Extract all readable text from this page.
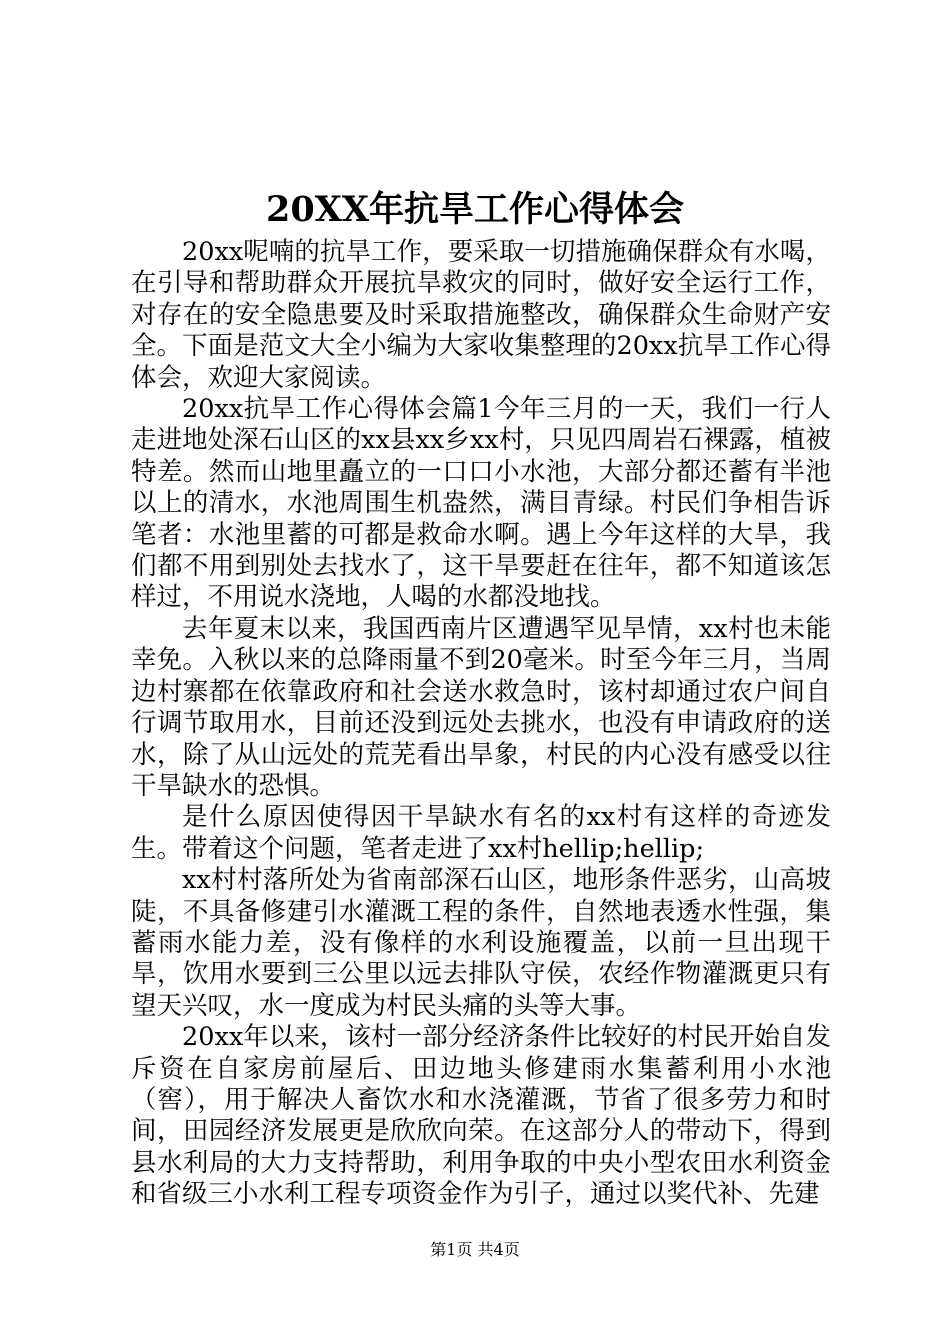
20XX年抗旱工作心得体会

20xx呢喃的抗旱工作，要采取一切措施确保群众有水喝，在引导和帮助群众开展抗旱救灾的同时，做好安全运行工作，对存在的安全隐患要及时采取措施整改，确保群众生命财产安全。下面是范文大全小编为大家收集整理的20xx抗旱工作心得体会，欢迎大家阅读。

20xx抗旱工作心得体会篇1今年三月的一天，我们一行人走进地处深石山区的xx县xx乡xx村，只见四周岩石裸露，植被特差。然而山地里矗立的一口口小水池，大部分都还蓄有半池以上的清水，水池周围生机盎然，满目青绿。村民们争相告诉笔者：水池里蓄的可都是救命水啊。遇上今年这样的大旱，我们都不用到别处去找水了，这干旱要赶在往年，都不知道该怎样过，不用说水浇地，人喝的水都没地找。

去年夏末以来，我国西南片区遭遇罕见旱情，xx村也未能幸免。入秋以来的总降雨量不到20毫米。时至今年三月，当周边村寨都在依靠政府和社会送水救急时，该村却通过农户间自行调节取用水，目前还没到远处去挑水，也没有申请政府的送水，除了从山远处的荒芜看出旱象，村民的内心没有感受以往干旱缺水的恐惧。

是什么原因使得因干旱缺水有名的xx村有这样的奇迹发生。带着这个问题，笔者走进了xx村hellip;hellip;

xx村村落所处为省南部深石山区，地形条件恶劣，山高坡陡，不具备修建引水灌溉工程的条件，自然地表透水性强，集蓄雨水能力差，没有像样的水利设施覆盖，以前一旦出现干旱，饮用水要到三公里以远去排队守侯，农经作物灌溉更只有望天兴叹，水一度成为村民头痛的头等大事。

20xx年以来，该村一部分经济条件比较好的村民开始自发斥资在自家房前屋后、田边地头修建雨水集蓄利用小水池（窖），用于解决人畜饮水和水浇灌溉，节省了很多劳力和时间，田园经济发展更是欣欣向荣。在这部分人的带动下，得到县水利局的大力支持帮助，利用争取的中央小型农田水利资金和省级三小水利工程专项资金作为引子，通过以奖代补、先建

第1页 共4页
